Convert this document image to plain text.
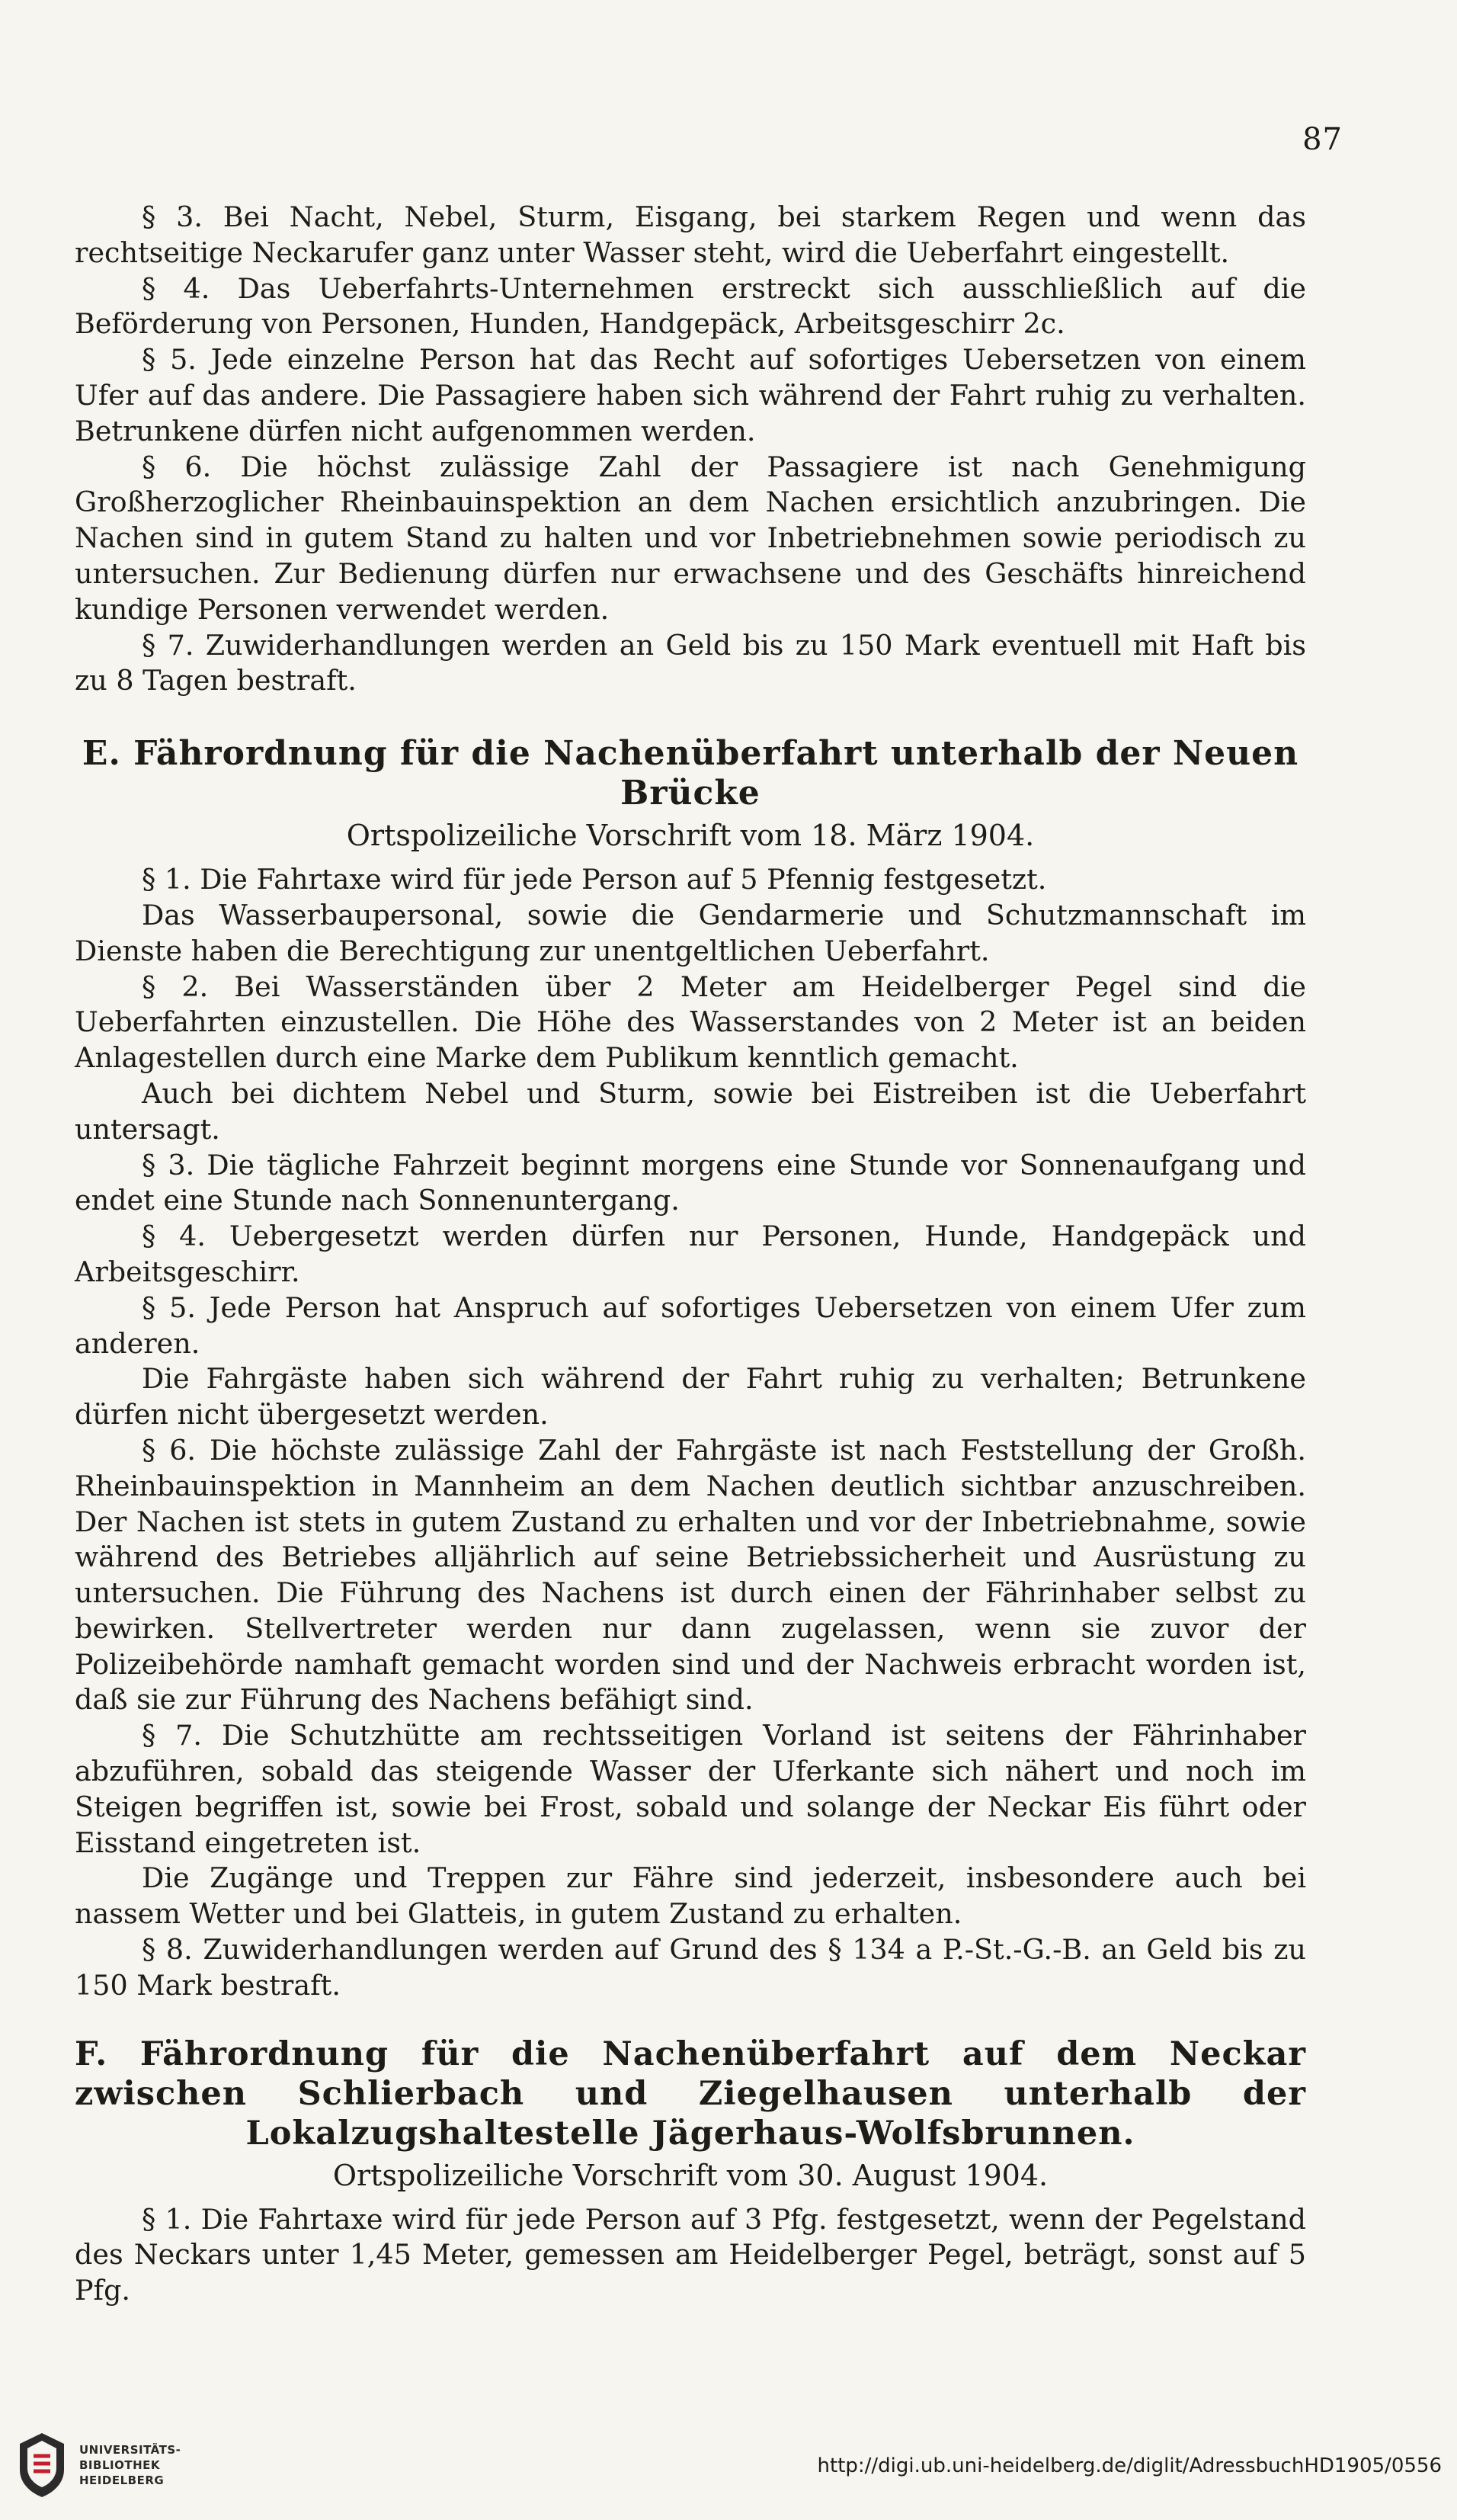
87

§ 3. Bei Nacht, Nebel, Sturm, Eisgang, bei starkem Regen und wenn das rechtseitige Neckarufer ganz unter Wasser steht, wird die Ueberfahrt eingestellt.

§ 4. Das Ueberfahrts-Unternehmen erstreckt sich ausschließlich auf die Beförderung von Personen, Hunden, Handgepäck, Arbeitsgeschirr 2c.

§ 5. Jede einzelne Person hat das Recht auf sofortiges Uebersetzen von einem Ufer auf das andere. Die Passagiere haben sich während der Fahrt ruhig zu verhalten. Betrunkene dürfen nicht aufgenommen werden.

§ 6. Die höchst zulässige Zahl der Passagiere ist nach Genehmigung Großherzoglicher Rheinbauinspektion an dem Nachen ersichtlich anzubringen. Die Nachen sind in gutem Stand zu halten und vor Inbetriebnehmen sowie periodisch zu untersuchen. Zur Bedienung dürfen nur erwachsene und des Geschäfts hinreichend kundige Personen verwendet werden.

§ 7. Zuwiderhandlungen werden an Geld bis zu 150 Mark eventuell mit Haft bis zu 8 Tagen bestraft.

E. Fährordnung für die Nachenüberfahrt unterhalb der Neuen Brücke
Ortspolizeiliche Vorschrift vom 18. März 1904.

§ 1. Die Fahrtaxe wird für jede Person auf 5 Pfennig festgesetzt.

Das Wasserbaupersonal, sowie die Gendarmerie und Schutzmannschaft im Dienste haben die Berechtigung zur unentgeltlichen Ueberfahrt.

§ 2. Bei Wasserständen über 2 Meter am Heidelberger Pegel sind die Ueberfahrten einzustellen. Die Höhe des Wasserstandes von 2 Meter ist an beiden Anlagestellen durch eine Marke dem Publikum kenntlich gemacht.

Auch bei dichtem Nebel und Sturm, sowie bei Eistreiben ist die Ueberfahrt untersagt.

§ 3. Die tägliche Fahrzeit beginnt morgens eine Stunde vor Sonnenaufgang und endet eine Stunde nach Sonnenuntergang.

§ 4. Uebergesetzt werden dürfen nur Personen, Hunde, Handgepäck und Arbeitsgeschirr.

§ 5. Jede Person hat Anspruch auf sofortiges Uebersetzen von einem Ufer zum anderen.

Die Fahrgäste haben sich während der Fahrt ruhig zu verhalten; Betrunkene dürfen nicht übergesetzt werden.

§ 6. Die höchste zulässige Zahl der Fahrgäste ist nach Feststellung der Großh. Rheinbauinspektion in Mannheim an dem Nachen deutlich sichtbar anzuschreiben. Der Nachen ist stets in gutem Zustand zu erhalten und vor der Inbetriebnahme, sowie während des Betriebes alljährlich auf seine Betriebssicherheit und Ausrüstung zu untersuchen. Die Führung des Nachens ist durch einen der Fährinhaber selbst zu bewirken. Stellvertreter werden nur dann zugelassen, wenn sie zuvor der Polizeibehörde namhaft gemacht worden sind und der Nachweis erbracht worden ist, daß sie zur Führung des Nachens befähigt sind.

§ 7. Die Schutzhütte am rechtsseitigen Vorland ist seitens der Fährinhaber abzuführen, sobald das steigende Wasser der Uferkante sich nähert und noch im Steigen begriffen ist, sowie bei Frost, sobald und solange der Neckar Eis führt oder Eisstand eingetreten ist.

Die Zugänge und Treppen zur Fähre sind jederzeit, insbesondere auch bei nassem Wetter und bei Glatteis, in gutem Zustand zu erhalten.

§ 8. Zuwiderhandlungen werden auf Grund des § 134 a P.-St.-G.-B. an Geld bis zu 150 Mark bestraft.

F. Fährordnung für die Nachenüberfahrt auf dem Neckar zwischen Schlierbach und Ziegelhausen unterhalb der Lokalzugshaltestelle Jägerhaus-Wolfsbrunnen.
Ortspolizeiliche Vorschrift vom 30. August 1904.

§ 1. Die Fahrtaxe wird für jede Person auf 3 Pfg. festgesetzt, wenn der Pegelstand des Neckars unter 1,45 Meter, gemessen am Heidelberger Pegel, beträgt, sonst auf 5 Pfg.

UNIVERSITÄTS-
BIBLIOTHEK
HEIDELBERG
http://digi.ub.uni-heidelberg.de/diglit/AdressbuchHD1905/0556
